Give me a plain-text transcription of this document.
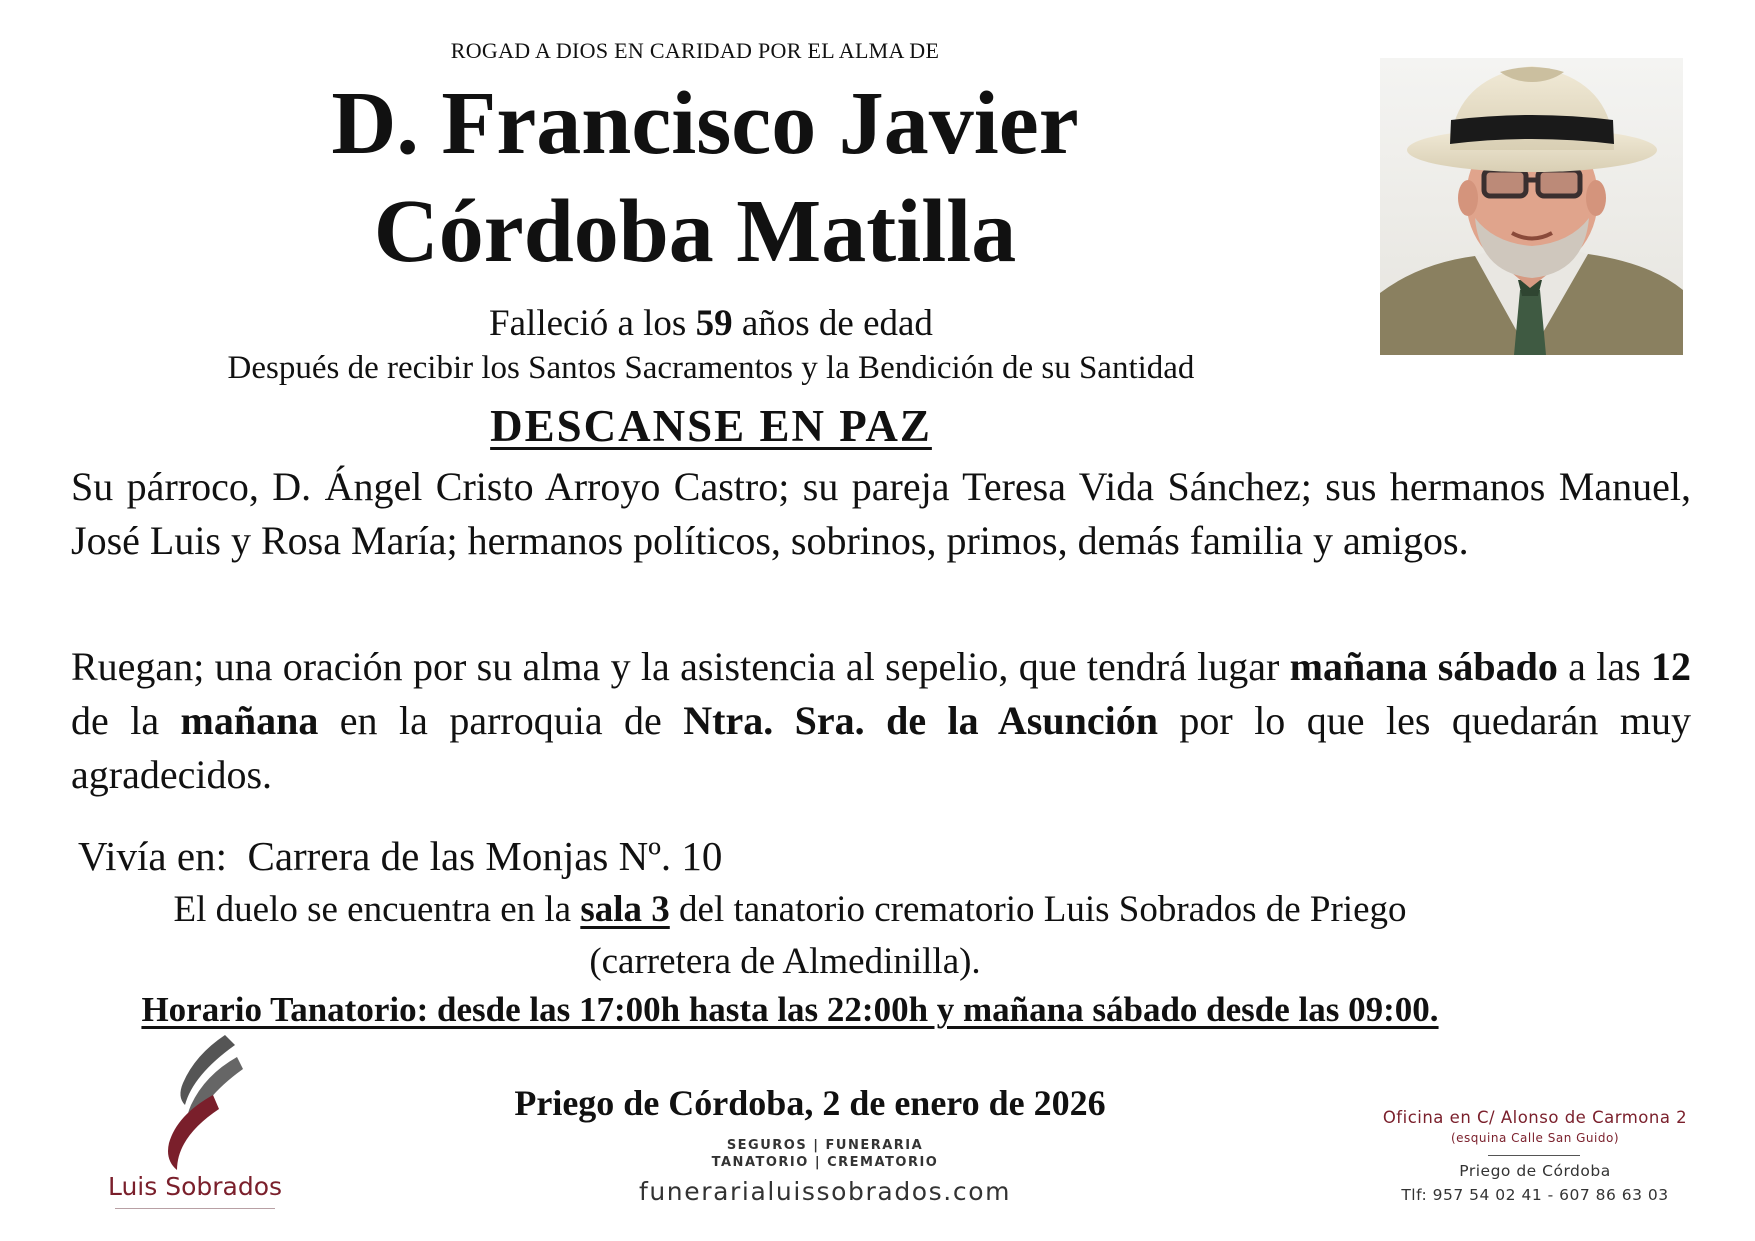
ROGAD A DIOS EN CARIDAD POR EL ALMA DE
D. Francisco Javier
Córdoba Matilla
Falleció a los 59 años de edad
Después de recibir los Santos Sacramentos y la Bendición de su Santidad
DESCANSE EN PAZ
Su párroco, D. Ángel Cristo Arroyo Castro; su pareja Teresa Vida Sánchez; sus hermanos Manuel, José Luis y Rosa María; hermanos políticos, sobrinos, primos, demás familia y amigos.
Ruegan; una oración por su alma y la asistencia al sepelio, que tendrá lugar mañana sábado a las 12 de la mañana en la parroquia de Ntra. Sra. de la Asunción por lo que les quedarán muy agradecidos.
Vivía en: Carrera de las Monjas Nº. 10
El duelo se encuentra en la sala 3 del tanatorio crematorio Luis Sobrados de Priego
(carretera de Almedinilla).
Horario Tanatorio: desde las 17:00h hasta las 22:00h y mañana sábado desde las 09:00.
Priego de Córdoba, 2 de enero de 2026
Luis Sobrados
SEGUROS | FUNERARIA
TANATORIO | CREMATORIO
funerarialuissobrados.com
Oficina en C/ Alonso de Carmona 2
(esquina Calle San Guido)
Priego de Córdoba
Tlf: 957 54 02 41 - 607 86 63 03
